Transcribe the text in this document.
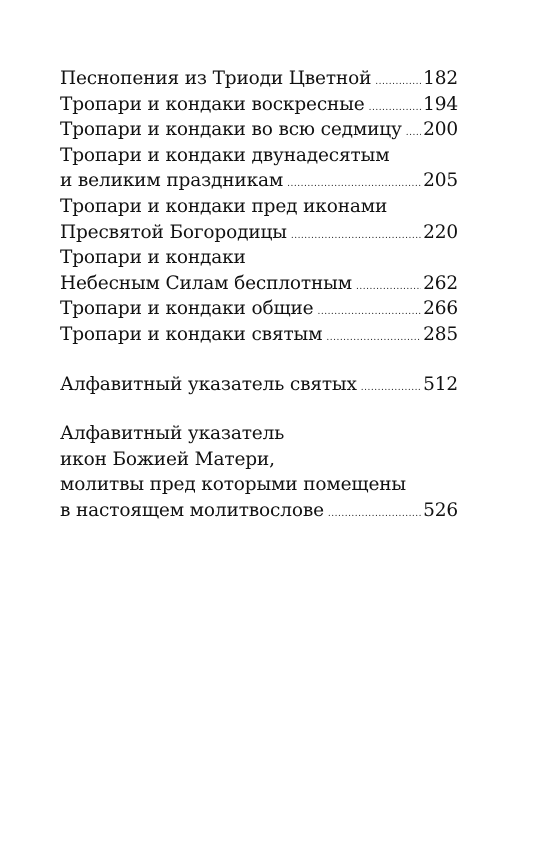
Песнопения из Триоди Цветной .....	182
Тропари и кондаки воскресные .....	194
Тропари и кондаки во всю седмицу ..... 200
Тропари и кондаки двунадесятым
и великим праздникам .....	205
Тропари и кондаки пред иконами
Пресвятой Богородицы .....	220
Тропари и кондаки
Небесным Силам бесплотным .....	262
Тропари и кондаки общие .....	266
Тропари и кондаки святым .....	285
Алфавитный указатель святых .....	512
Алфавитный указатель
икон Божией Матери,
молитвы пред которыми помещены
в настоящем молитвослове .....	526
